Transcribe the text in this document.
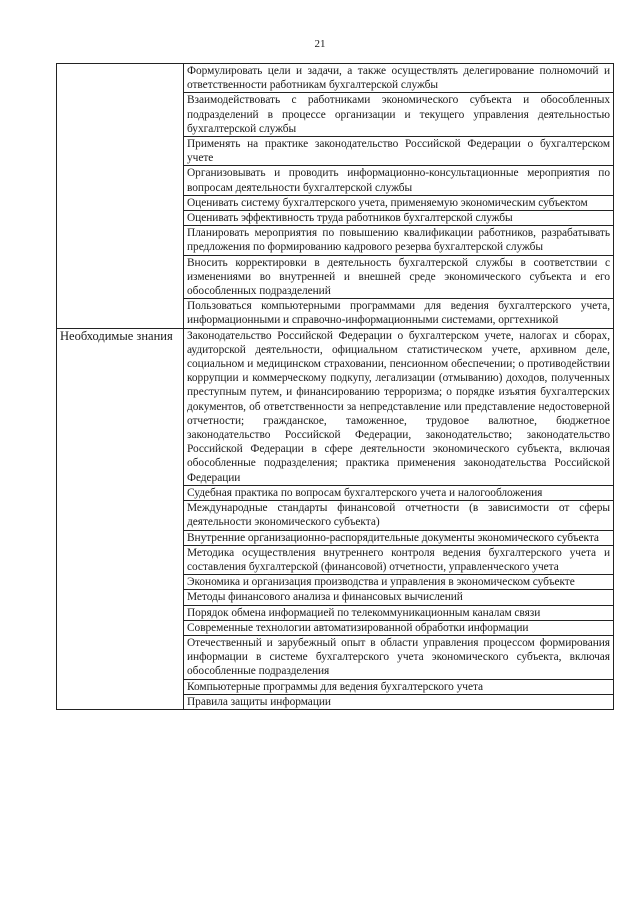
21
	Формулировать цели и задачи, а также осуществлять делегирование полномочий и ответственности работникам бухгалтерской службы
	Взаимодействовать с работниками экономического субъекта и обособленных подразделений в процессе организации и текущего управления деятельностью бухгалтерской службы
	Применять на практике законодательство Российской Федерации о бухгалтерском учете
	Организовывать и проводить информационно-консультационные мероприятия по вопросам деятельности бухгалтерской службы
	Оценивать систему бухгалтерского учета, применяемую экономическим субъектом
	Оценивать эффективность труда работников бухгалтерской службы
	Планировать мероприятия по повышению квалификации работников, разрабатывать предложения по формированию кадрового резерва бухгалтерской службы
	Вносить корректировки в деятельность бухгалтерской службы в соответствии с изменениями во внутренней и внешней среде экономического субъекта и его обособленных подразделений
	Пользоваться компьютерными программами для ведения бухгалтерского учета, информационными и справочно-информационными системами, оргтехникой
Необходимые знания	Законодательство Российской Федерации о бухгалтерском учете, налогах и сборах, аудиторской деятельности, официальном статистическом учете, архивном деле, социальном и медицинском страховании, пенсионном обеспечении; о противодействии коррупции и коммерческому подкупу, легализации (отмыванию) доходов, полученных преступным путем, и финансированию терроризма; о порядке изъятия бухгалтерских документов, об ответственности за непредставление или представление недостоверной отчетности; гражданское, таможенное, трудовое валютное, бюджетное законодательство Российской Федерации, законодательство; законодательство Российской Федерации в сфере деятельности экономического субъекта, включая обособленные подразделения; практика применения законодательства Российской Федерации
	Судебная практика по вопросам бухгалтерского учета и налогообложения
	Международные стандарты финансовой отчетности (в зависимости от сферы деятельности экономического субъекта)
	Внутренние организационно-распорядительные документы экономического субъекта
	Методика осуществления внутреннего контроля ведения бухгалтерского учета и составления бухгалтерской (финансовой) отчетности, управленческого учета
	Экономика и организация производства и управления в экономическом субъекте
	Методы финансового анализа и финансовых вычислений
	Порядок обмена информацией по телекоммуникационным каналам связи
	Современные технологии автоматизированной обработки информации
	Отечественный и зарубежный опыт в области управления процессом формирования информации в системе бухгалтерского учета экономического субъекта, включая обособленные подразделения
	Компьютерные программы для ведения бухгалтерского учета
	Правила защиты информации
